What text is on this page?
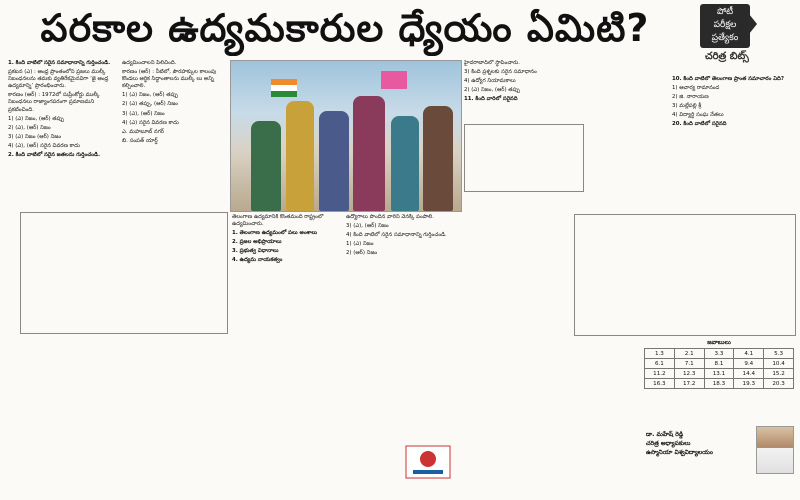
పరకాల ఉద్యమకారుల ధ్యేయం ఏమిటి?	పోటీ
పరీక్షల
ప్రత్యేకం
చరిత్ర బిట్స్

1. కింది వాటిలో సరైన సమాధానాన్ని గుర్తించండి.

ప్రకటన (ఎ) : ఆంధ్ర ప్రాంతంలోని ప్రజలు ముల్కీ నిబంధనలను తమకు వ్యతిరేకమైనవిగా ‘జై ఆంధ్ర ఉద్యమాన్ని’ ప్రారంభించారు.

కారణం (ఆర్) : 1972లో సుప్రీంకోర్టు ముల్కీ నిబంధనలు రాజ్యాంగపరంగా ప్రమాణమని ప్రకటించింది.

1) (ఎ) నిజం, (ఆర్) తప్పు

2) (ఎ), (ఆర్) నిజం

3) (ఎ) నిజం (ఆర్) నిజం

4) (ఎ), (ఆర్) సరైన వివరణ కాదు

2. కింది వాటిలో సరైన జతలను గుర్తించండి.

ఉద్యమించాలని పిలిచింది.

కారణం (ఆర్) : నీటిలో, పౌరహక్కుల కాలంపు కొండలు ఆర్థిక సిద్ధాంతాలను ముల్కీ లు అన్ని కల్పించాలి.

1) (ఎ) నిజం, (ఆర్) తప్పు

2) (ఎ) తప్పు, (ఆర్) నిజం

3) (ఎ), (ఆర్) నిజం

4) (ఎ) సరైన వివరణ కాదు

ఎ. మహబూబ్ నగర్

బి. సంపత్ యార్డ్

తెలంగాణ ఉద్యమానికి కొంతమంది రాష్ట్రంలో ఉద్యమించారు.

1. తెలంగాణ ఉద్యమంలో పలు అంశాలు

2. ప్రజల అభిప్రాయాలు

3. ప్రభుత్వ విధానాలు

4. ఉద్యమ నాయకత్వం

ఉద్యోగాలు పొందిన వారిని వెనక్కి పంపాలి.

3) (ఎ), (ఆర్) నిజం

4) కింది వాటిలో సరైన సమాధానాన్ని గుర్తించండి.

1) (ఎ) నిజం

2) (ఆర్) నిజం

హైదరాబాద్‌లో స్థాపించారు.

3) కింది ప్రశ్నలకు సరైన సమాధానం

4) ఉద్యోగ నియామకాలు

2) (ఎ) నిజం, (ఆర్) తప్పు

11. కింది వారిలో సరైనది

10. కింది వాటిలో తెలంగాణ ప్రాంత సమాచారం ఏది?

1) ఆచార్య రామానంద

2) జి. నారాయణ

3) మల్లేపల్లి శ్రీ

4) విద్యార్థి సంఘ నేతలు

20. కింది వాటిలో సరైనది

జవాబులు				
1.3	2.1	3.3	4.1	5.3
6.1	7.1	8.1	9.4	10.4
11.2	12.3	13.1	14.4	15.2
16.3	17.2	18.3	19.3	20.3
డా. మహేష్ రెడ్డి
చరిత్ర అధ్యాపకులు
ఉస్మానియా విశ్వవిద్యాలయం
